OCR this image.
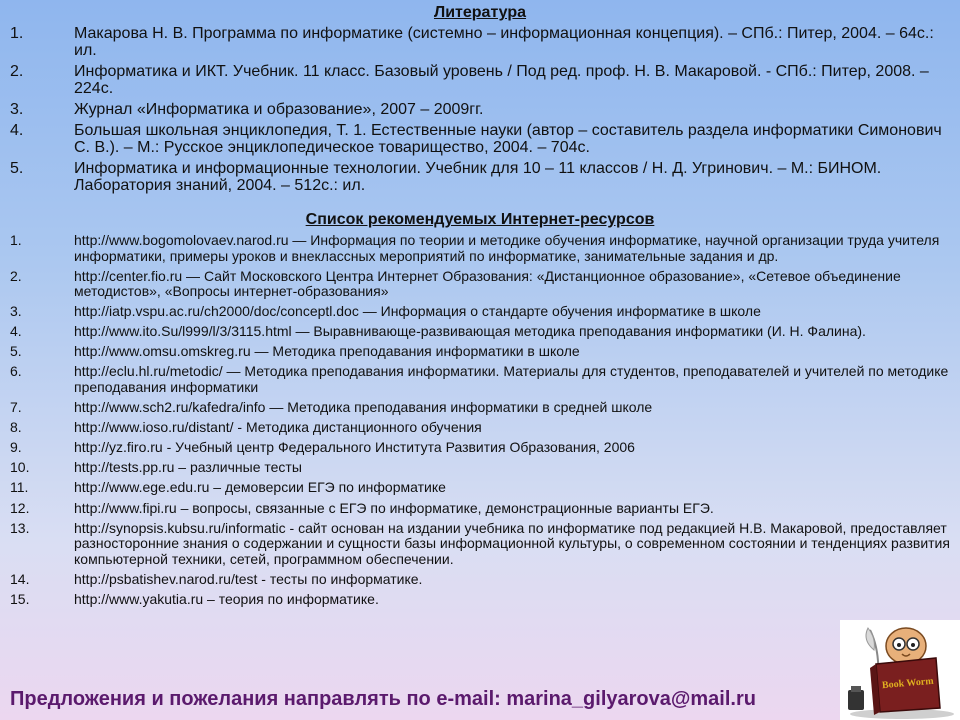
Литература
1.	Макарова Н. В. Программа по информатике (системно – информационная концепция). – СПб.: Питер, 2004. – 64с.: ил.
2.	Информатика и ИКТ. Учебник. 11 класс. Базовый уровень / Под ред. проф. Н. В. Макаровой. - СПб.: Питер, 2008. – 224с.
3.	Журнал «Информатика и образование», 2007 – 2009гг.
4.	Большая школьная энциклопедия, Т. 1. Естественные науки (автор – составитель раздела информатики Симонович С. В.). – М.: Русское энциклопедическое товарищество, 2004. – 704с.
5.	Информатика и информационные технологии. Учебник для 10 – 11 классов / Н. Д. Угринович. – М.: БИНОМ. Лаборатория знаний, 2004. – 512с.: ил.
Список рекомендуемых Интернет-ресурсов
1.	http://www.bogomolovaev.narod.ru — Информация по теории и методике обучения информатике, научной организации труда учителя информатики, примеры уроков и внеклассных мероприятий по информатике, занимательные задания и др.
2.	http://center.fio.ru — Сайт Московского Центра Интернет Образования: «Дистанционное образование», «Сетевое объединение методистов», «Вопросы интернет-образования»
3.	http://iatp.vspu.ac.ru/ch2000/doc/conceptl.doc — Информация о стандарте обучения информатике в школе
4.	http://www.ito.Su/l999/l/3/3115.html — Выравнивающе-развивающая методика преподавания информатики (И. Н. Фалина).
5.	http://www.omsu.omskreg.ru — Методика преподавания информатики в школе
6.	http://eclu.hl.ru/metodic/ — Методика преподавания информатики. Материалы для студентов, преподавателей и учителей по методике преподавания информатики
7.	http://www.sch2.ru/kafedra/info — Методика преподавания информатики в средней школе
8.	http://www.ioso.ru/distant/ - Методика дистанционного обучения
9.	http://yz.firo.ru - Учебный центр Федерального Института Развития Образования, 2006
10.	http://tests.pp.ru – различные тесты
11.	http://www.ege.edu.ru – демоверсии ЕГЭ по информатике
12.	http://www.fipi.ru – вопросы, связанные с ЕГЭ по информатике, демонстрационные варианты ЕГЭ.
13.	http://synopsis.kubsu.ru/informatic - сайт основан на издании учебника по информатике под редакцией Н.В. Макаровой, предоставляет разносторонние знания о содержании и сущности базы информационной культуры, о современном состоянии и тенденциях развития компьютерной техники, сетей, программном обеспечении.
14.	http://psbatishev.narod.ru/test - тесты по информатике.
15.	http://www.yakutia.ru – теория по информатике.
Предложения и пожелания направлять по e-mail: marina_gilyarova@mail.ru
Book Worm
